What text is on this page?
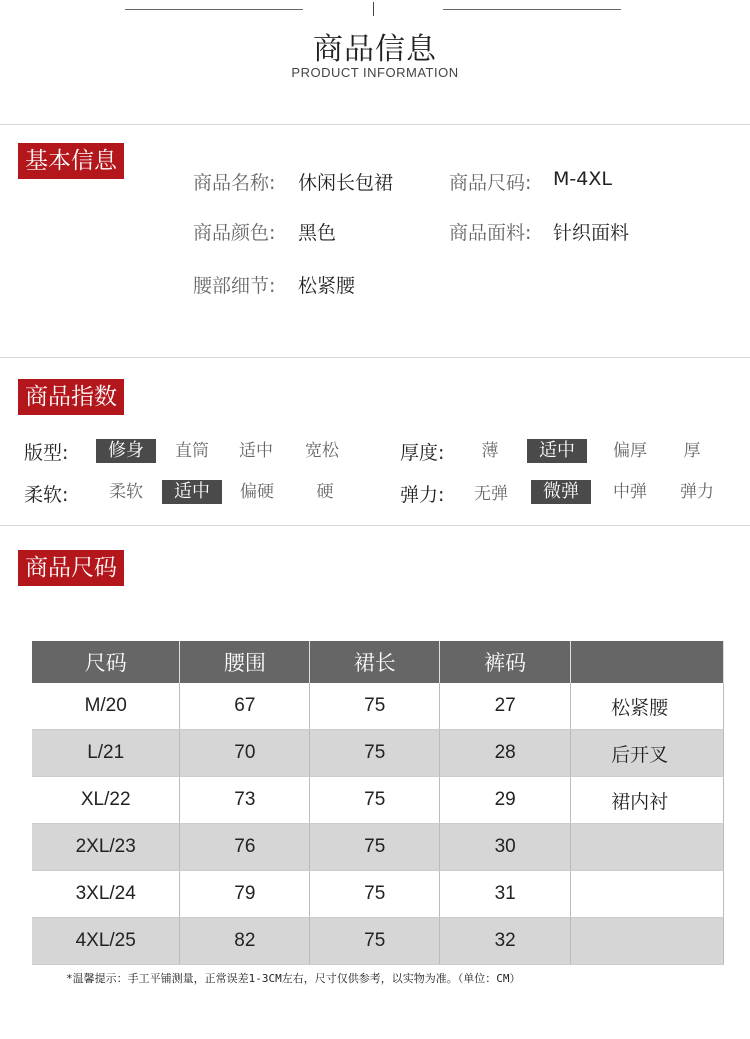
商品信息
PRODUCT INFORMATION
基本信息
商品名称: 休闲长包裙	商品尺码: M-4XL
商品颜色: 黑色	商品面料: 针织面料
腰部细节: 松紧腰
商品指数
版型:	修身	直筒	适中	宽松	厚度:	薄	适中	偏厚	厚
柔软:	柔软	适中	偏硬	硬	弹力:	无弹	微弹	中弹	弹力
商品尺码
尺码	腰围	裙长	裤码	
M/20	67	75	27	松紧腰
L/21	70	75	28	后开叉
XL/22	73	75	29	裙内衬
2XL/23	76	75	30	
3XL/24	79	75	31	
4XL/25	82	75	32	
*温馨提示：手工平铺测量，正常误差1-3CM左右，尺寸仅供参考，以实物为准。（单位：CM）
